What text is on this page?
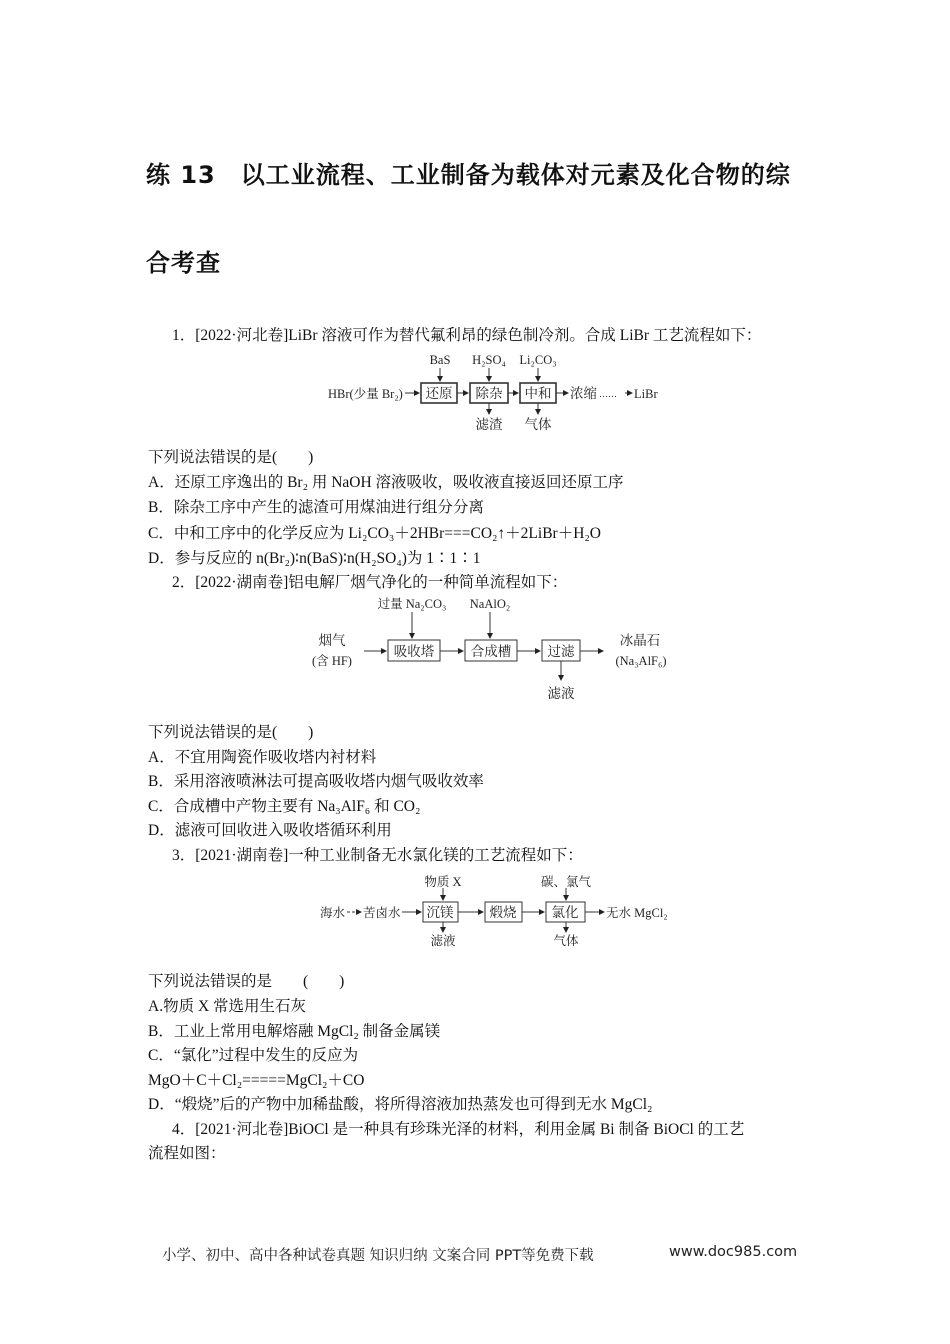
练 13　以工业流程、工业制备为载体对元素及化合物的综
合考查
1．[2022·河北卷]LiBr 溶液可作为替代氟利昂的绿色制冷剂。合成 LiBr 工艺流程如下：
HBr(少量 Br₂)
BaS H₂SO₄ Li₂CO₃
还原 除杂 中和 浓缩 …… LiBr
滤渣 气体
过量 Na₂CO₃ NaAlO₂
烟气
(含 HF)
吸收塔	合成槽	过滤
冰晶石
(Na₃AlF₆)
滤液
物质 X	碳、氯气
海水 苦卤水 沉镁	煅烧	氯化 无水 MgCl₂
滤液	气体
下列说法错误的是(　　)
A．还原工序逸出的 Br₂ 用 NaOH 溶液吸收，吸收液直接返回还原工序
B．除杂工序中产生的滤渣可用煤油进行组分分离
C．中和工序中的化学反应为 Li₂CO₃＋2HBr===CO₂↑＋2LiBr＋H₂O
D．参与反应的 n(Br₂)∶n(BaS)∶n(H₂SO₄)为 1∶1∶1
2．[2022·湖南卷]铝电解厂烟气净化的一种简单流程如下：
下列说法错误的是(　　)
A．不宜用陶瓷作吸收塔内衬材料
B．采用溶液喷淋法可提高吸收塔内烟气吸收效率
C．合成槽中产物主要有 Na₃AlF₆ 和 CO₂
D．滤液可回收进入吸收塔循环利用
3．[2021·湖南卷]一种工业制备无水氯化镁的工艺流程如下：
下列说法错误的是　　(　　)
A.物质 X 常选用生石灰
B．工业上常用电解熔融 MgCl₂ 制备金属镁
C．“氯化”过程中发生的反应为
MgO＋C＋Cl₂=====MgCl₂＋CO
D．“煅烧”后的产物中加稀盐酸，将所得溶液加热蒸发也可得到无水 MgCl₂
4．[2021·河北卷]BiOCl 是一种具有珍珠光泽的材料，利用金属 Bi 制备 BiOCl 的工艺
流程如图：
小学、初中、高中各种试卷真题 知识归纳 文案合同 PPT等免费下载	www.doc985.com
